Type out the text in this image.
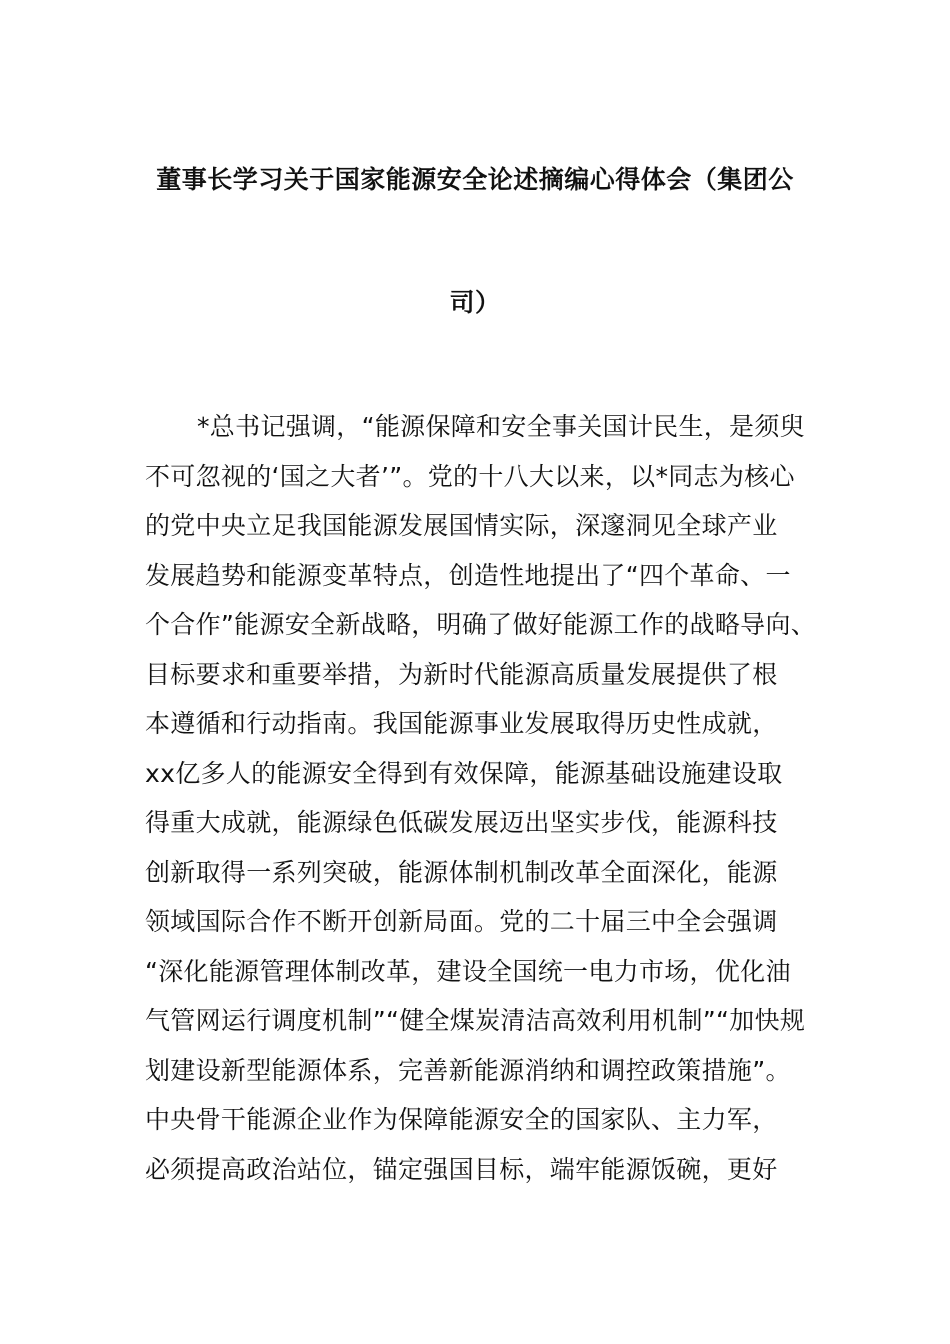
董事长学习关于国家能源安全论述摘编心得体会（集团公
司）
*总书记强调，“能源保障和安全事关国计民生，是须臾
不可忽视的‘国之大者’”。党的十八大以来，以*同志为核心
的党中央立足我国能源发展国情实际，深邃洞见全球产业
发展趋势和能源变革特点，创造性地提出了“四个革命、一
个合作”能源安全新战略，明确了做好能源工作的战略导向、
目标要求和重要举措，为新时代能源高质量发展提供了根
本遵循和行动指南。我国能源事业发展取得历史性成就，
xx亿多人的能源安全得到有效保障，能源基础设施建设取
得重大成就，能源绿色低碳发展迈出坚实步伐，能源科技
创新取得一系列突破，能源体制机制改革全面深化，能源
领域国际合作不断开创新局面。党的二十届三中全会强调
“深化能源管理体制改革，建设全国统一电力市场，优化油
气管网运行调度机制”“健全煤炭清洁高效利用机制”“加快规
划建设新型能源体系，完善新能源消纳和调控政策措施”。
中央骨干能源企业作为保障能源安全的国家队、主力军，
必须提高政治站位，锚定强国目标，端牢能源饭碗，更好
